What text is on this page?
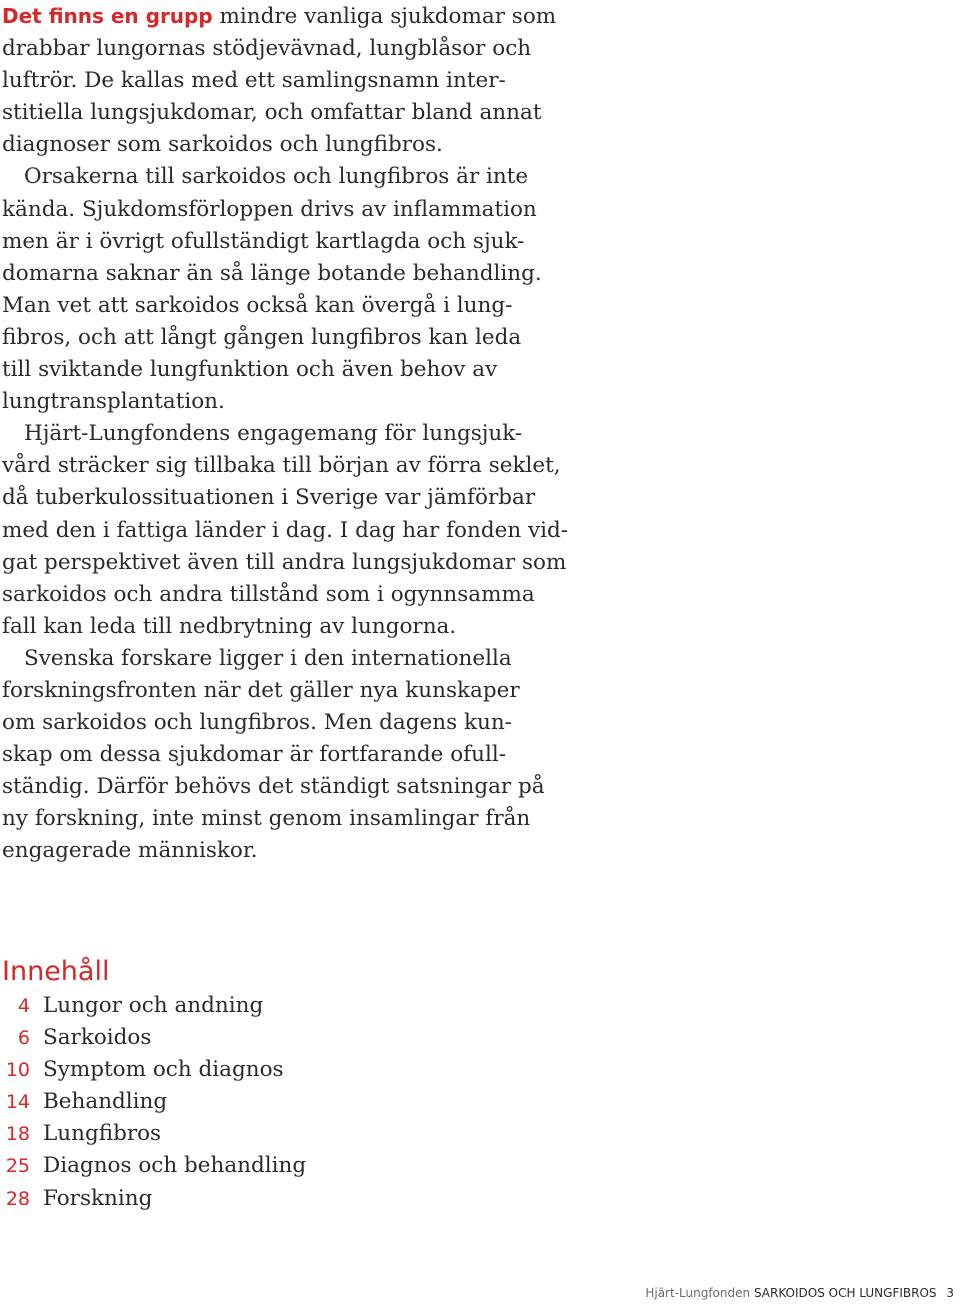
Det finns en grupp mindre vanliga sjukdomar som
drabbar lungornas stödjevävnad, lungblåsor och
luftrör. De kallas med ett samlingsnamn inter-
stitiella lungsjukdomar, och omfattar bland annat
diagnoser som sarkoidos och lungfibros.
Orsakerna till sarkoidos och lungfibros är inte
kända. Sjukdomsförloppen drivs av inflammation
men är i övrigt ofullständigt kartlagda och sjuk-
domarna saknar än så länge botande behandling.
Man vet att sarkoidos också kan övergå i lung-
fibros, och att långt gången lungfibros kan leda
till sviktande lungfunktion och även behov av
lungtransplantation.
Hjärt-Lungfondens engagemang för lungsjuk-
vård sträcker sig tillbaka till början av förra seklet,
då tuberkulossituationen i Sverige var jämförbar
med den i fattiga länder i dag. I dag har fonden vid-
gat perspektivet även till andra lungsjukdomar som
sarkoidos och andra tillstånd som i ogynnsamma
fall kan leda till nedbrytning av lungorna.
Svenska forskare ligger i den internationella
forskningsfronten när det gäller nya kunskaper
om sarkoidos och lungfibros. Men dagens kun-
skap om dessa sjukdomar är fortfarande ofull-
ständig. Därför behövs det ständigt satsningar på
ny forskning, inte minst genom insamlingar från
engagerade människor.
Innehåll
4 Lungor och andning
6 Sarkoidos
10 Symptom och diagnos
14 Behandling
18 Lungfibros
25 Diagnos och behandling
28 Forskning
Hjärt-Lungfonden SARKOIDOS OCH LUNGFIBROS 3
